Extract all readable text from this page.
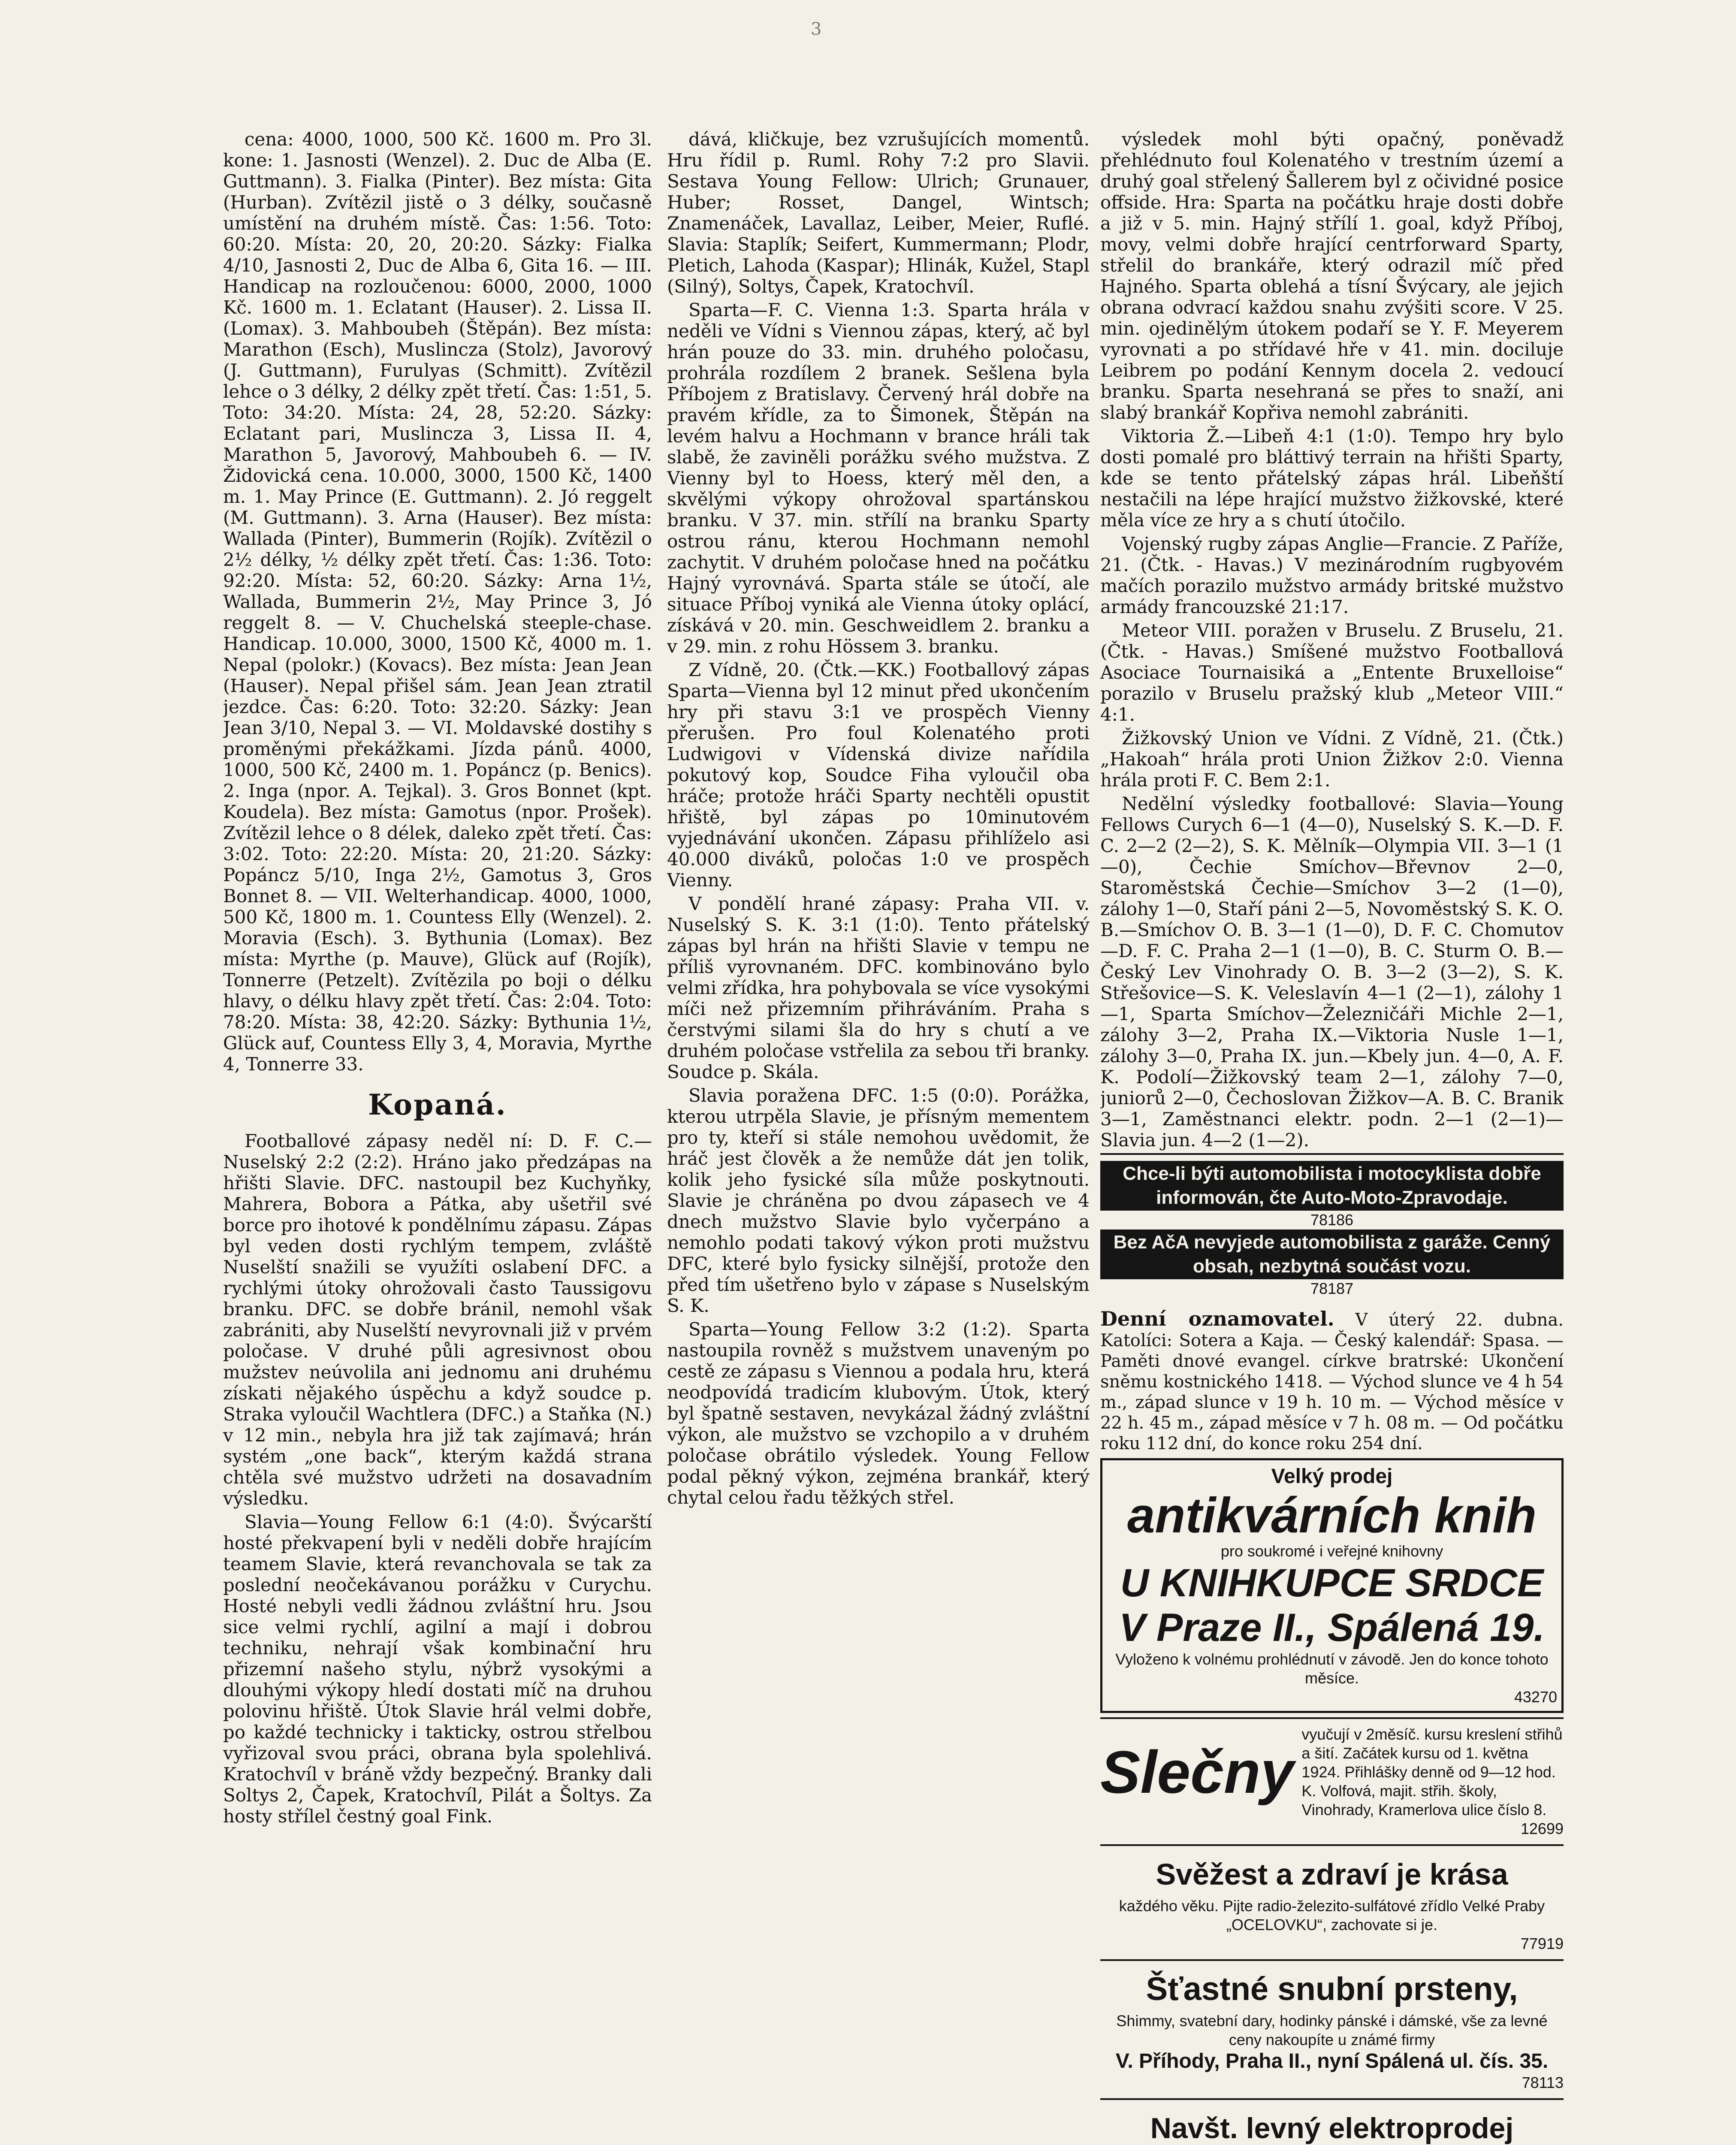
3

cena: 4000, 1000, 500 Kč. 1600 m. Pro 3l. kone: 1. Jasnosti (Wenzel). 2. Duc de Alba (E. Guttmann). 3. Fialka (Pinter). Bez místa: Gita (Hurban). Zvítězil jistě o 3 délky, současně umístění na druhém místě. Čas: 1:56. Toto: 60:20. Místa: 20, 20, 20:20. Sázky: Fialka 4/10, Jasnosti 2, Duc de Alba 6, Gita 16. — III. Handicap na rozloučenou: 6000, 2000, 1000 Kč. 1600 m. 1. Eclatant (Hauser). 2. Lissa II. (Lomax). 3. Mahboubeh (Štěpán). Bez místa: Marathon (Esch), Muslincza (Stolz), Javorový (J. Guttmann), Furulyas (Schmitt). Zvítězil lehce o 3 délky, 2 délky zpět třetí. Čas: 1:51, 5. Toto: 34:20. Místa: 24, 28, 52:20. Sázky: Eclatant pari, Muslincza 3, Lissa II. 4, Marathon 5, Javorový, Mahboubeh 6. — IV. Židovická cena. 10.000, 3000, 1500 Kč, 1400 m. 1. May Prince (E. Guttmann). 2. Jó reggelt (M. Guttmann). 3. Arna (Hauser). Bez místa: Wallada (Pinter), Bummerin (Rojík). Zvítězil o 2½ délky, ½ délky zpět třetí. Čas: 1:36. Toto: 92:20. Místa: 52, 60:20. Sázky: Arna 1½, Wallada, Bummerin 2½, May Prince 3, Jó reggelt 8. — V. Chuchelská steeple-chase. Handicap. 10.000, 3000, 1500 Kč, 4000 m. 1. Nepal (polokr.) (Kovacs). Bez místa: Jean Jean (Hauser). Nepal přišel sám. Jean Jean ztratil jezdce. Čas: 6:20. Toto: 32:20. Sázky: Jean Jean 3/10, Nepal 3. — VI. Moldavské dostihy s proměnými překážkami. Jízda pánů. 4000, 1000, 500 Kč, 2400 m. 1. Popáncz (p. Benics). 2. Inga (npor. A. Tejkal). 3. Gros Bonnet (kpt. Koudela). Bez místa: Gamotus (npor. Prošek). Zvítězil lehce o 8 délek, daleko zpět třetí. Čas: 3:02. Toto: 22:20. Místa: 20, 21:20. Sázky: Popáncz 5/10, Inga 2½, Gamotus 3, Gros Bonnet 8. — VII. Welterhandicap. 4000, 1000, 500 Kč, 1800 m. 1. Countess Elly (Wenzel). 2. Moravia (Esch). 3. Bythunia (Lomax). Bez místa: Myrthe (p. Mauve), Glück auf (Rojík), Tonnerre (Petzelt). Zvítězila po boji o délku hlavy, o délku hlavy zpět třetí. Čas: 2:04. Toto: 78:20. Místa: 38, 42:20. Sázky: Bythunia 1½, Glück auf, Countess Elly 3, 4, Moravia, Myrthe 4, Tonnerre 33.

Kopaná.

Footballové zápasy neděl ní: D. F. C.—Nuselský 2:2 (2:2). Hráno jako předzápas na hřišti Slavie. DFC. nastoupil bez Kuchyňky, Mahrera, Bobora a Pátka, aby ušetřil své borce pro ihotové k pondělnímu zápasu. Zápas byl veden dosti rychlým tempem, zvláště Nuselští snažili se využíti oslabení DFC. a rychlými útoky ohrožovali často Taussigovu branku. DFC. se dobře bránil, nemohl však zabrániti, aby Nuselští nevyrovnali již v prvém poločase. V druhé půli agresivnost obou mužstev neúvolila ani jednomu ani druhému získati nějakého úspěchu a když soudce p. Straka vyloučil Wachtlera (DFC.) a Staňka (N.) v 12 min., nebyla hra již tak zajímavá; hrán systém „one back“, kterým každá strana chtěla své mužstvo udržeti na dosavadním výsledku.

Slavia—Young Fellow 6:1 (4:0). Švýcarští hosté překvapení byli v neděli dobře hrajícím teamem Slavie, která revanchovala se tak za poslední neočekávanou porážku v Curychu. Hosté nebyli vedli žádnou zvláštní hru. Jsou sice velmi rychlí, agilní a mají i dobrou techniku, nehrají však kombinační hru přizemní našeho stylu, nýbrž vysokými a dlouhými výkopy hledí dostati míč na druhou polovinu hřiště. Útok Slavie hrál velmi dobře, po každé technicky i takticky, ostrou střelbou vyřizoval svou práci, obrana byla spolehlivá. Kratochvíl v bráně vždy bezpečný. Branky dali Soltys 2, Čapek, Kratochvíl, Pilát a Šoltys. Za hosty střílel čestný goal Fink.

dává, kličkuje, bez vzrušujících momentů. Hru řídil p. Ruml. Rohy 7:2 pro Slavii. Sestava Young Fellow: Ulrich; Grunauer, Huber; Rosset, Dangel, Wintsch; Znamenáček, Lavallaz, Leiber, Meier, Ruflé. Slavia: Staplík; Seifert, Kummermann; Plodr, Pletich, Lahoda (Kaspar); Hlinák, Kužel, Stapl (Silný), Soltys, Čapek, Kratochvíl.

Sparta—F. C. Vienna 1:3. Sparta hrála v neděli ve Vídni s Viennou zápas, který, ač byl hrán pouze do 33. min. druhého poločasu, prohrála rozdílem 2 branek. Sešlena byla Příbojem z Bratislavy. Červený hrál dobře na pravém křídle, za to Šimonek, Štěpán na levém halvu a Hochmann v brance hráli tak slabě, že zaviněli porážku svého mužstva. Z Vienny byl to Hoess, který měl den, a skvělými výkopy ohrožoval spartánskou branku. V 37. min. střílí na branku Sparty ostrou ránu, kterou Hochmann nemohl zachytit. V druhém poločase hned na počátku Hajný vyrovnává. Sparta stále se útočí, ale situace Příboj vyniká ale Vienna útoky oplácí, získává v 20. min. Geschweidlem 2. branku a v 29. min. z rohu Hössem 3. branku.

Z Vídně, 20. (Čtk.—KK.) Footballový zápas Sparta—Vienna byl 12 minut před ukončením hry při stavu 3:1 ve prospěch Vienny přerušen. Pro foul Kolenatého proti Ludwigovi v Vídenská divize nařídila pokutový kop, Soudce Fiha vyloučil oba hráče; protože hráči Sparty nechtěli opustit hřiště, byl zápas po 10minutovém vyjednávání ukončen. Zápasu přihlíželo asi 40.000 diváků, poločas 1:0 ve prospěch Vienny.

V pondělí hrané zápasy: Praha VII. v. Nuselský S. K. 3:1 (1:0). Tento přátelský zápas byl hrán na hřišti Slavie v tempu ne příliš vyrovnaném. DFC. kombinováno bylo velmi zřídka, hra pohybovala se více vysokými míči než přizemním přihráváním. Praha s čerstvými silami šla do hry s chutí a ve druhém poločase vstřelila za sebou tři branky. Soudce p. Skála.

Slavia poražena DFC. 1:5 (0:0). Porážka, kterou utrpěla Slavie, je přísným mementem pro ty, kteří si stále nemohou uvědomit, že hráč jest člověk a že nemůže dát jen tolik, kolik jeho fysické síla může poskytnouti. Slavie je chráněna po dvou zápasech ve 4 dnech mužstvo Slavie bylo vyčerpáno a nemohlo podati takový výkon proti mužstvu DFC, které bylo fysicky silnější, protože den před tím ušetřeno bylo v zápase s Nuselským S. K.

Sparta—Young Fellow 3:2 (1:2). Sparta nastoupila rovněž s mužstvem unaveným po cestě ze zápasu s Viennou a podala hru, která neodpovídá tradicím klubovým. Útok, který byl špatně sestaven, nevykázal žádný zvláštní výkon, ale mužstvo se vzchopilo a v druhém poločase obrátilo výsledek. Young Fellow podal pěkný výkon, zejména brankář, který chytal celou řadu těžkých střel.

výsledek mohl býti opačný, poněvadž přehlédnuto foul Kolenatého v trestním území a druhý goal střelený Šallerem byl z očividné posice offside. Hra: Sparta na počátku hraje dosti dobře a již v 5. min. Hajný střílí 1. goal, když Příboj, movy, velmi dobře hrající centrforward Sparty, střelil do brankáře, který odrazil míč před Hajného. Sparta oblehá a tísní Švýcary, ale jejich obrana odvrací každou snahu zvýšiti score. V 25. min. ojedinělým útokem podaří se Y. F. Meyerem vyrovnati a po střídavé hře v 41. min. dociluje Leibrem po podání Kennym docela 2. vedoucí branku. Sparta nesehraná se přes to snaží, ani slabý brankář Kopřiva nemohl zabrániti.

Viktoria Ž.—Libeň 4:1 (1:0). Tempo hry bylo dosti pomalé pro bláttivý terrain na hřišti Sparty, kde se tento přátelský zápas hrál. Libeňští nestačili na lépe hrající mužstvo žižkovské, které měla více ze hry a s chutí útočilo.

Vojenský rugby zápas Anglie—Francie. Z Paříže, 21. (Čtk. - Havas.) V mezinárodním rugbyovém mačích porazilo mužstvo armády britské mužstvo armády francouzské 21:17.

Meteor VIII. poražen v Bruselu. Z Bruselu, 21. (Čtk. - Havas.) Smíšené mužstvo Footballová Asociace Tournaisiká a „Entente Bruxelloise“ porazilo v Bruselu pražský klub „Meteor VIII.“ 4:1.

Žižkovský Union ve Vídni. Z Vídně, 21. (Čtk.) „Hakoah“ hrála proti Union Žižkov 2:0. Vienna hrála proti F. C. Bem 2:1.

Nedělní výsledky footballové: Slavia—Young Fellows Curych 6—1 (4—0), Nuselský S. K.—D. F. C. 2—2 (2—2), S. K. Mělník—Olympia VII. 3—1 (1—0), Čechie Smíchov—Břevnov 2—0, Staroměstská Čechie—Smíchov 3—2 (1—0), zálohy 1—0, Staří páni 2—5, Novoměstský S. K. O. B.—Smíchov O. B. 3—1 (1—0), D. F. C. Chomutov—D. F. C. Praha 2—1 (1—0), B. C. Sturm O. B.—Český Lev Vinohrady O. B. 3—2 (3—2), S. K. Střešovice—S. K. Veleslavín 4—1 (2—1), zálohy 1—1, Sparta Smíchov—Železničáři Michle 2—1, zálohy 3—2, Praha IX.—Viktoria Nusle 1—1, zálohy 3—0, Praha IX. jun.—Kbely jun. 4—0, A. F. K. Podolí—Žižkovský team 2—1, zálohy 7—0, juniorů 2—0, Čechoslovan Žižkov—A. B. C. Branik 3—1, Zaměstnanci elektr. podn. 2—1 (2—1)—Slavia jun. 4—2 (1—2).

Chce-li býti automobilista i motocyklista dobře informován, čte Auto-Moto-Zpravodaje.
78186
Bez AčA nevyjede automobilista z garáže. Cenný obsah, nezbytná součást vozu.
78187
Denní oznamovatel. V úterý 22. dubna. Katolíci: Sotera a Kaja. — Český kalendář: Spasa. — Paměti dnové evangel. církve bratrské: Ukončení sněmu kostnického 1418. — Východ slunce ve 4 h 54 m., západ slunce v 19 h. 10 m. — Východ měsíce v 22 h. 45 m., západ měsíce v 7 h. 08 m. — Od počátku roku 112 dní, do konce roku 254 dní.
Velký prodej
antikvárních knih
pro soukromé i veřejné knihovny
U KNIHKUPCE SRDCE
V Praze II., Spálená 19.
Vyloženo k volnému prohlédnutí v závodě. Jen do konce tohoto měsíce.
43270
Slečny
vyučují v 2měsíč. kursu kreslení střihů a šití. Začátek kursu od 1. května 1924. Přihlášky denně od 9—12 hod. K. Volfová, majit. střih. školy, Vinohrady, Kramerlova ulice číslo 8.
12699
Svěžest a zdraví je krása
každého věku. Pijte radio-železito-sulfátové zřídlo Velké Praby „OCELOVKU“, zachovate si je.
77919
Šťastné snubní prsteny,
Shimmy, svatební dary, hodinky pánské i dámské, vše za levné ceny nakoupíte u známé firmy
V. Příhody, Praha II., nyní Spálená ul. čís. 35.
78113
Navšt. levný elektroprodej
